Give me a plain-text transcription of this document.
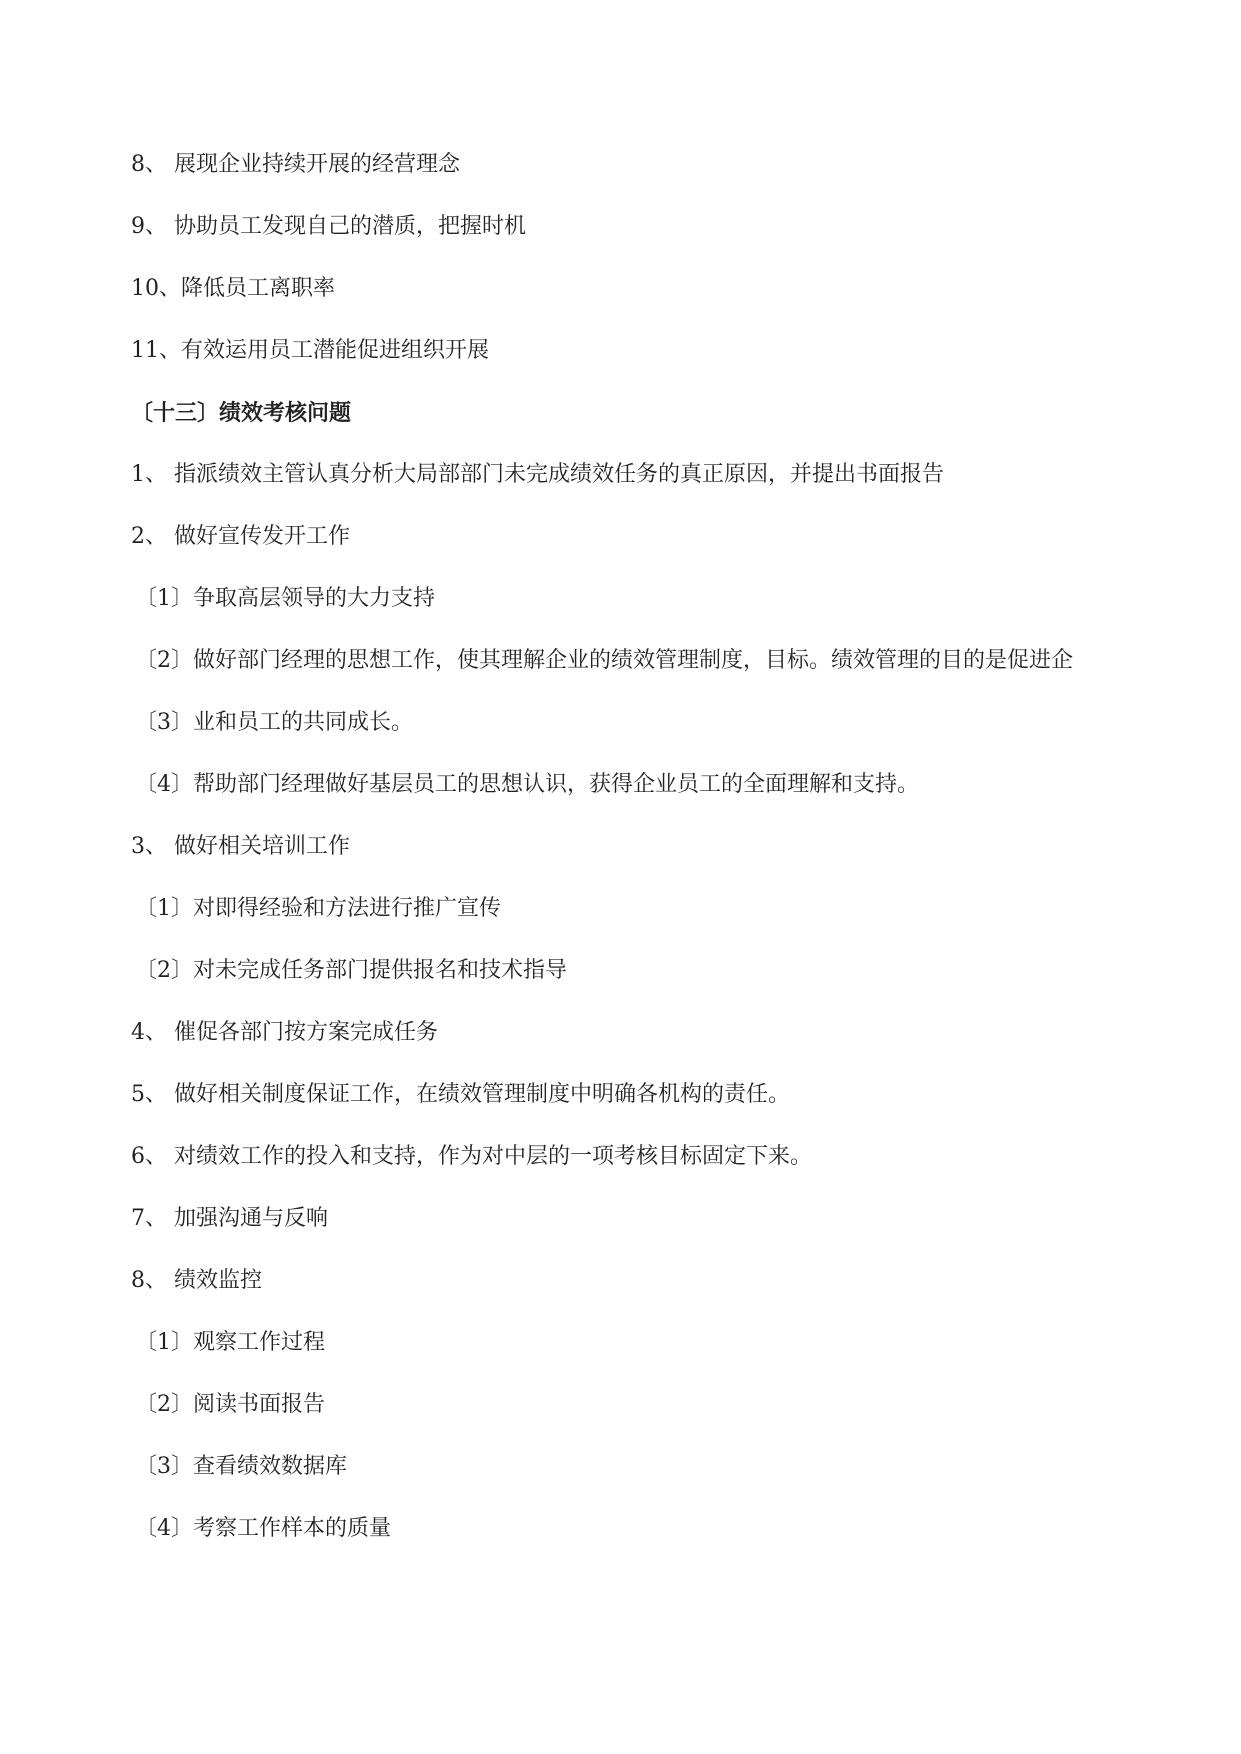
8、 展现企业持续开展的经营理念

9、 协助员工发现自己的潜质，把握时机

10、降低员工离职率

11、有效运用员工潜能促进组织开展

〔十三〕绩效考核问题

1、 指派绩效主管认真分析大局部部门未完成绩效任务的真正原因，并提出书面报告

2、 做好宣传发开工作

〔1〕争取高层领导的大力支持

〔2〕做好部门经理的思想工作，使其理解企业的绩效管理制度，目标。绩效管理的目的是促进企

〔3〕业和员工的共同成长。

〔4〕帮助部门经理做好基层员工的思想认识，获得企业员工的全面理解和支持。

3、 做好相关培训工作

〔1〕对即得经验和方法进行推广宣传

〔2〕对未完成任务部门提供报名和技术指导

4、 催促各部门按方案完成任务

5、 做好相关制度保证工作，在绩效管理制度中明确各机构的责任。

6、 对绩效工作的投入和支持，作为对中层的一项考核目标固定下来。

7、 加强沟通与反响

8、 绩效监控

〔1〕观察工作过程

〔2〕阅读书面报告

〔3〕查看绩效数据库

〔4〕考察工作样本的质量
